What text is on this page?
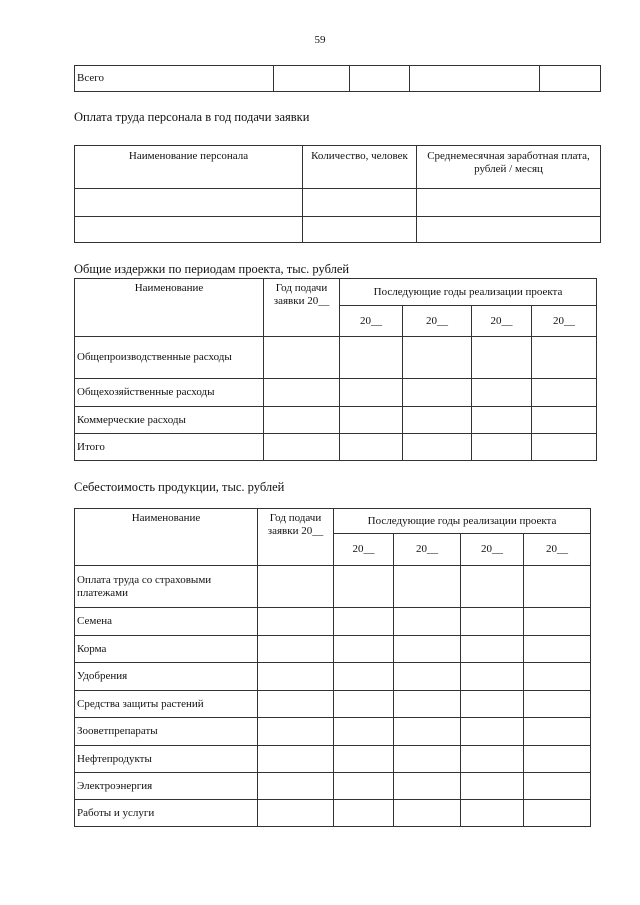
59
Всего				
Оплата труда персонала в год подачи заявки
Наименование персонала	Количество, человек	Среднемесячная заработная плата, рублей / месяц

Общие издержки по периодам проекта, тыс. рублей
Наименование	Год подачи заявки 20__	Последующие годы реализации проекта			
		20__	20__	20__	20__
Общепроизводственные расходы					
Общехозяйственные расходы					
Коммерческие расходы					
Итого					
Себестоимость продукции, тыс. рублей
Наименование	Год подачи заявки 20__	Последующие годы реализации проекта			
		20__	20__	20__	20__
Оплата труда со страховыми платежами					
Семена					
Корма					
Удобрения					
Средства защиты растений					
Зооветпрепараты					
Нефтепродукты					
Электроэнергия					
Работы и услуги					
